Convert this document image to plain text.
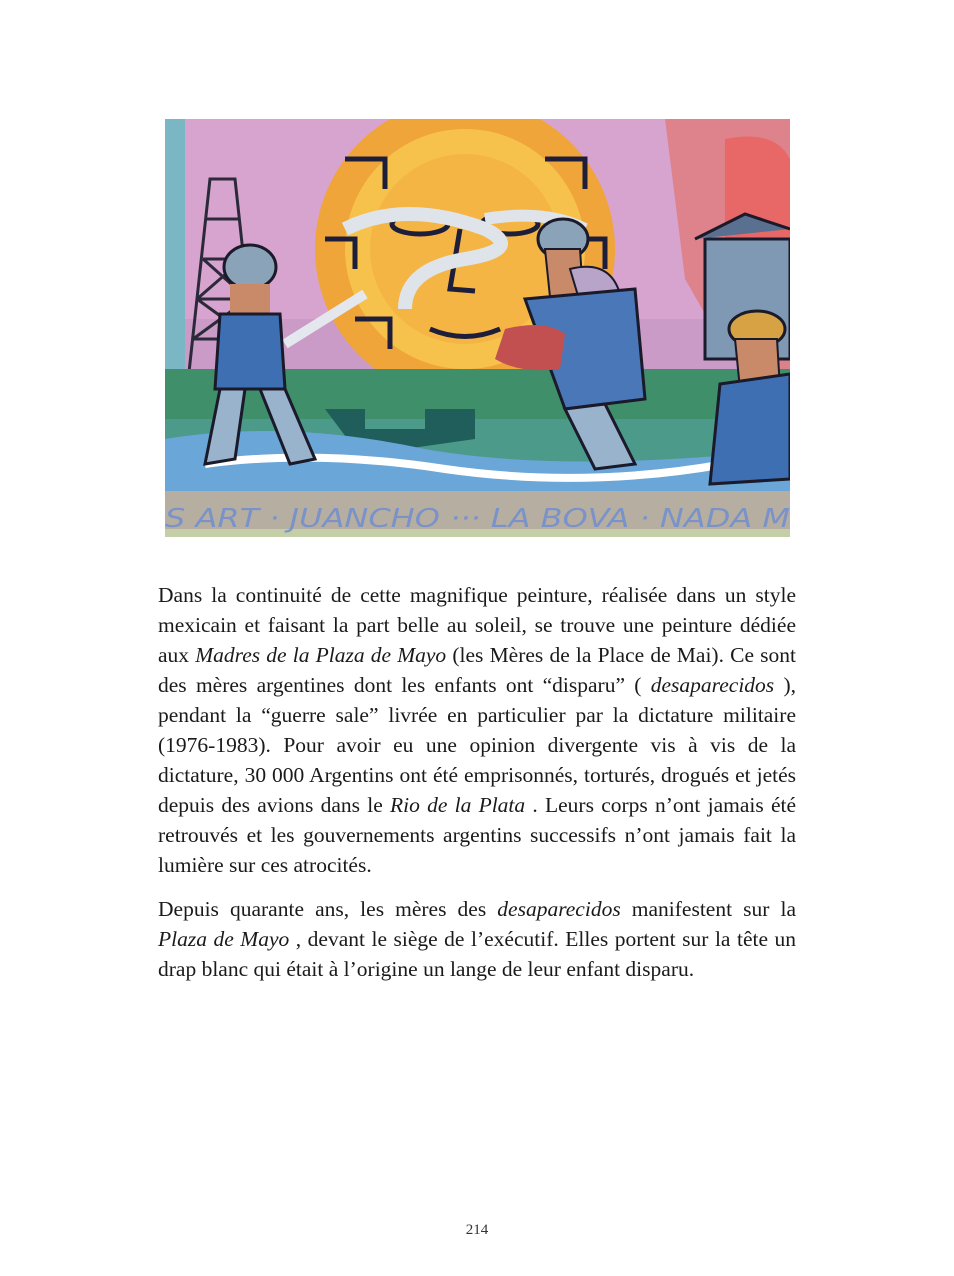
S ART · JUANCHO ··· LA BOVA · NADA M

Dans la continuité de cette magnifique peinture, réalisée dans un style mexicain et faisant la part belle au soleil, se trouve une peinture dédiée aux Madres de la Plaza de Mayo (les Mères de la Place de Mai). Ce sont des mères argentines dont les enfants ont “disparu” ( desaparecidos ), pendant la “guerre sale” livrée en particulier par la dictature militaire (1976-1983). Pour avoir eu une opinion divergente vis à vis de la dictature, 30 000 Argentins ont été emprisonnés, torturés, drogués et jetés depuis des avions dans le Rio de la Plata . Leurs corps n’ont jamais été retrouvés et les gouvernements argentins successifs n’ont jamais fait la lumière sur ces atrocités.

Depuis quarante ans, les mères des desaparecidos manifestent sur la Plaza de Mayo , devant le siège de l’exécutif. Elles portent sur la tête un drap blanc qui était à l’origine un lange de leur enfant disparu.

214
